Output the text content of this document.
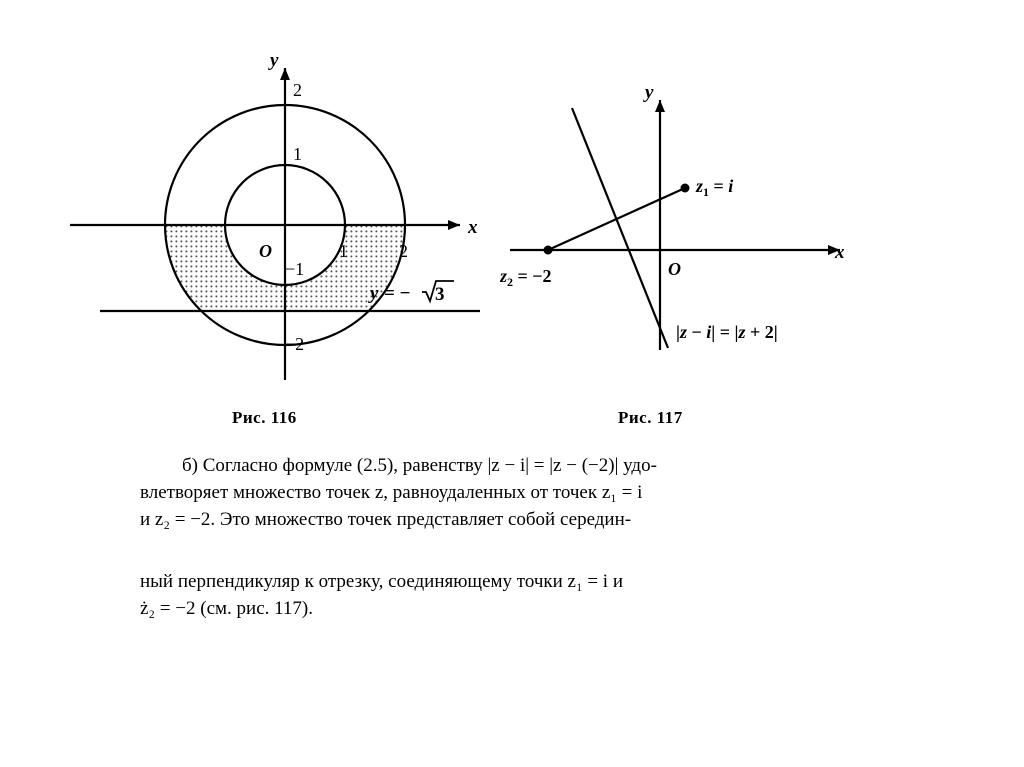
x
y
O	1	2
2
1
−1
−2
y = − 3
x
y
O
$z_1 = i$
$z_2 = -2$
|z − i| = |z + 2|
Рис. 116	Рис. 117
б) Согласно формуле (2.5), равенству |z − i| = |z − (−2)| удо-
влетворяет множество точек z, равноудаленных от точек z₁ = i
и z₂ = −2. Это множество точек представляет собой середин-
ный перпендикуляр к отрезку, соединяющему точки z₁ = i и
ż₂ = −2 (см. рис. 117).
